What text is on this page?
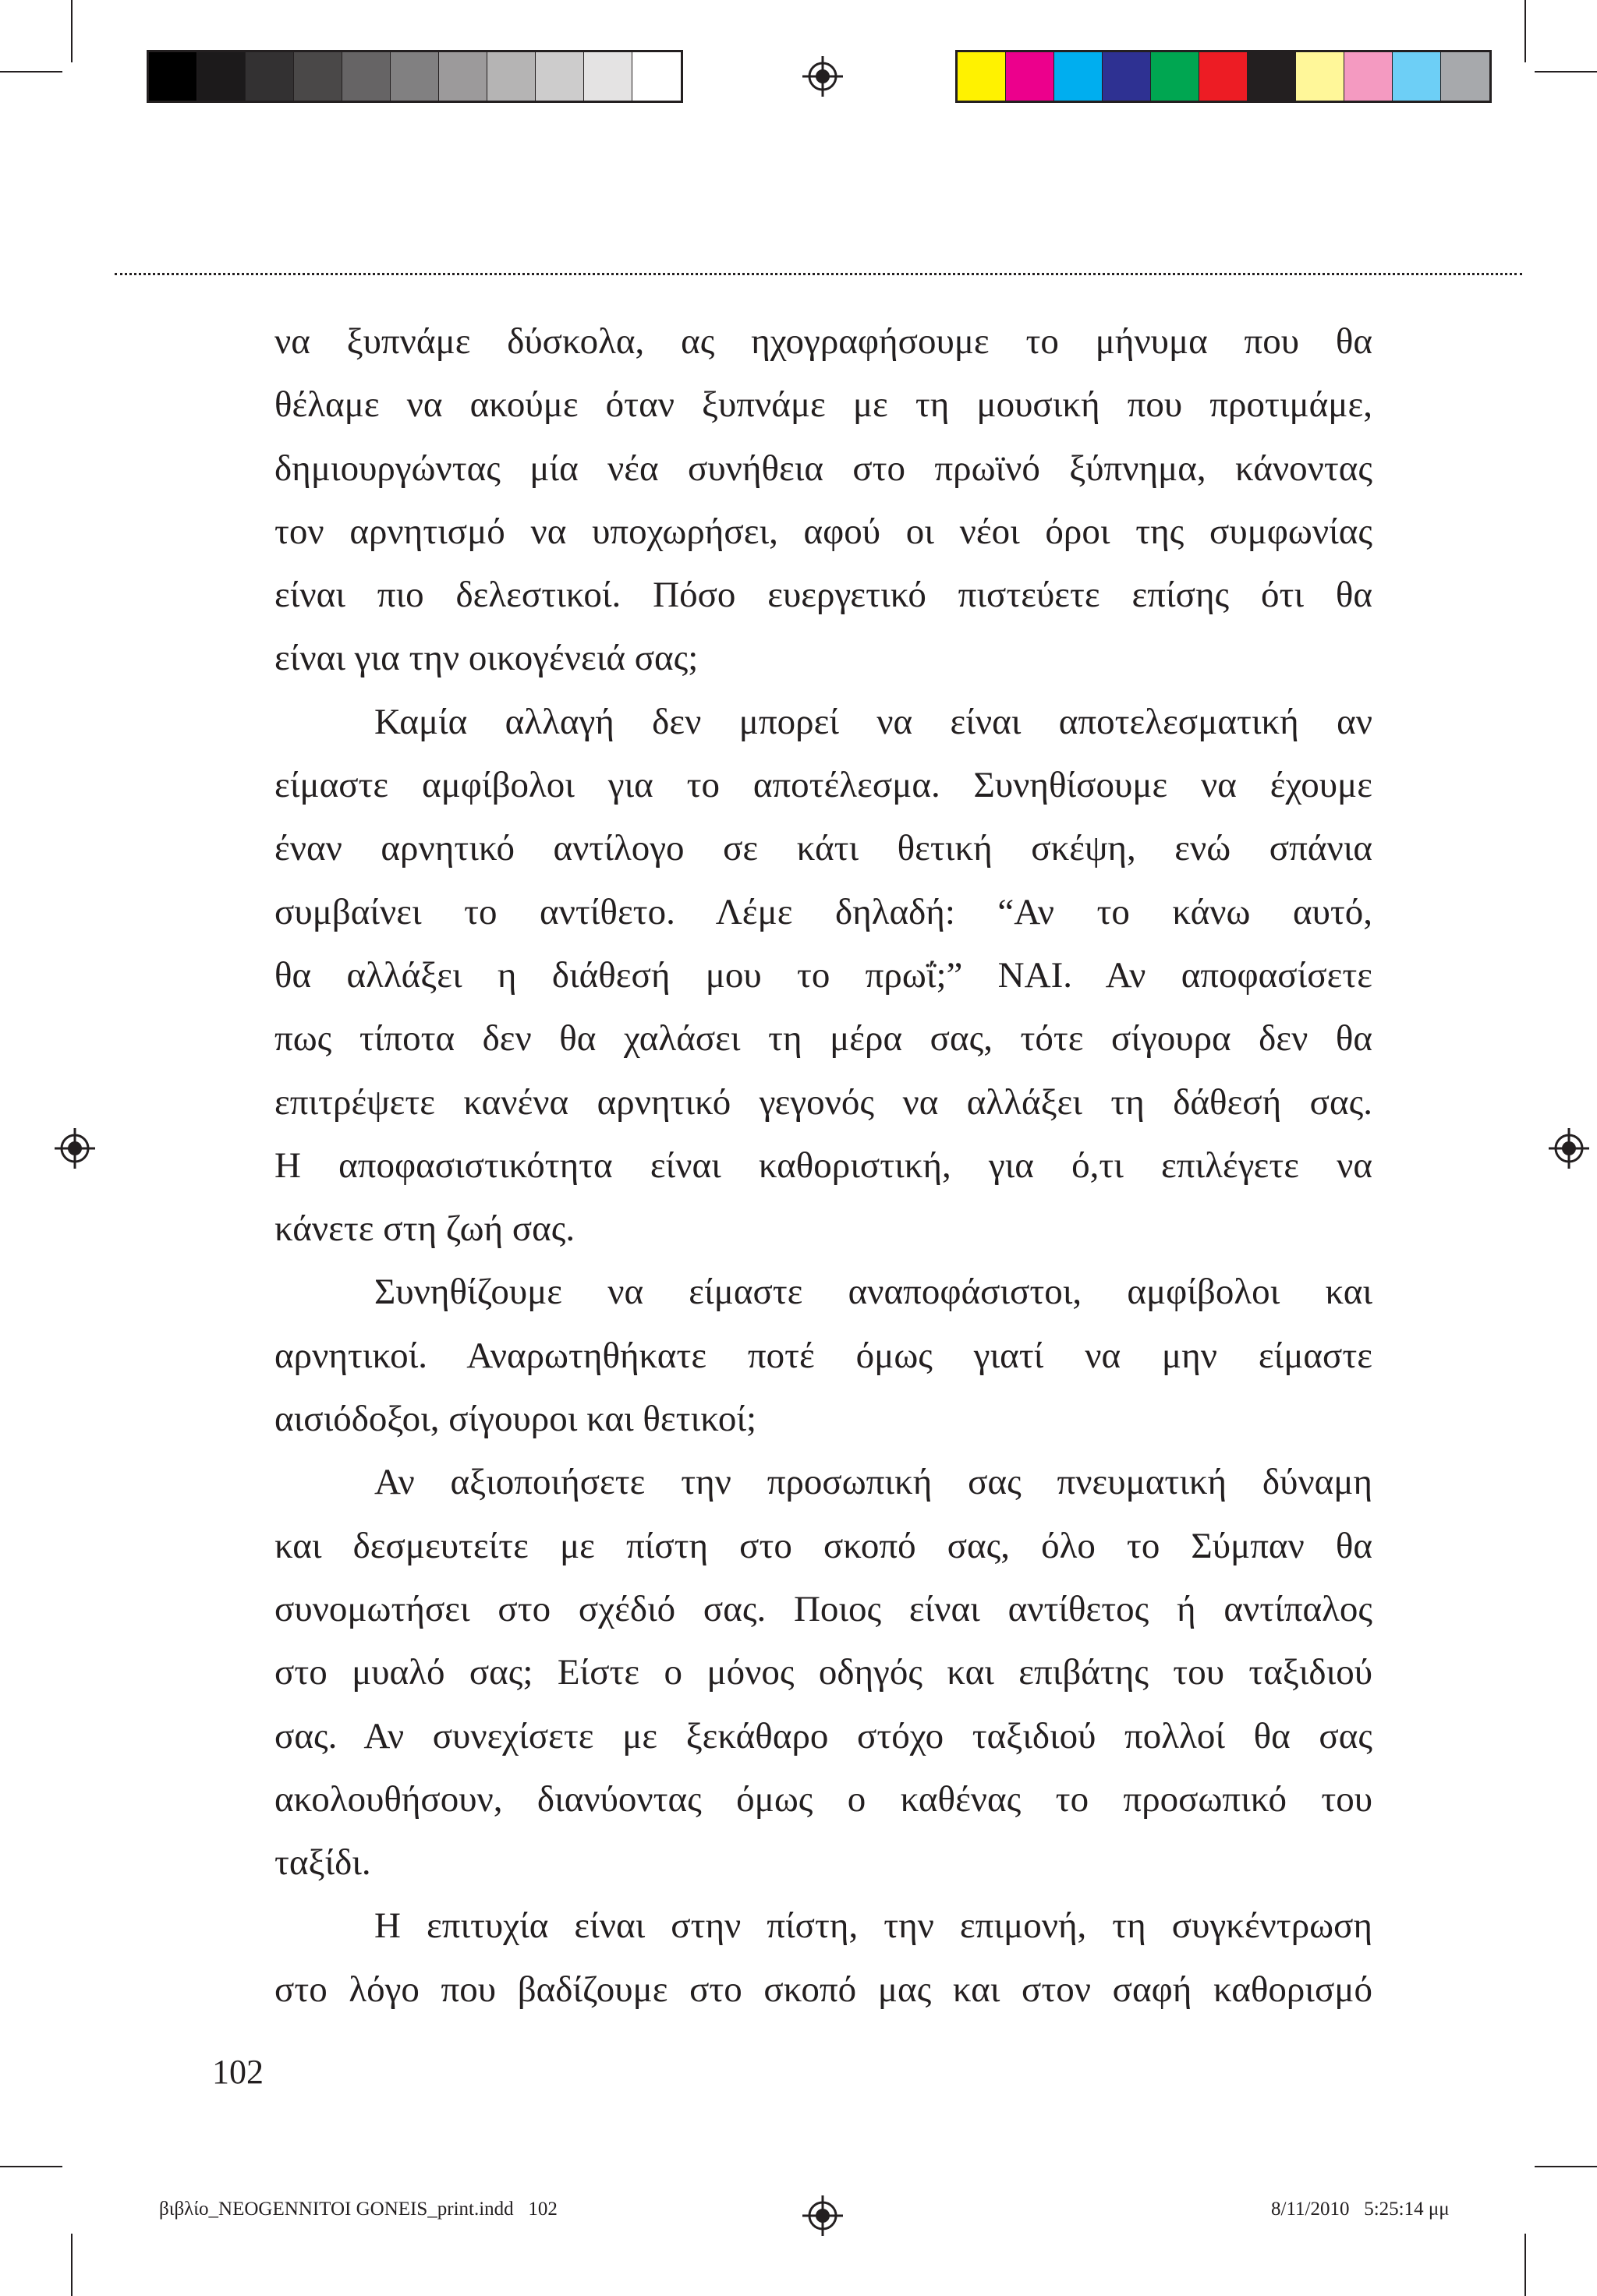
να ξυπνάμε δύσκολα, ας ηχογραφήσουμε το μήνυμα που θα

θέλαμε να ακούμε όταν ξυπνάμε με τη μουσική που προτιμάμε,

δημιουργώντας μία νέα συνήθεια στο πρωϊνό ξύπνημα, κάνοντας

τον αρνητισμό να υποχωρήσει, αφού οι νέοι όροι της συμφωνίας

είναι πιο δελεστικοί. Πόσο ευεργετικό πιστεύετε επίσης ότι θα

είναι για την οικογένειά σας;

Καμία αλλαγή δεν μπορεί να είναι αποτελεσματική αν

είμαστε αμφίβολοι για το αποτέλεσμα. Συνηθίσουμε να έχουμε

έναν αρνητικό αντίλογο σε κάτι θετική σκέψη, ενώ σπάνια

συμβαίνει το αντίθετο. Λέμε δηλαδή: “Αν το κάνω αυτό,

θα αλλάξει η διάθεσή μου το πρωΐ;” ΝΑΙ. Αν αποφασίσετε

πως τίποτα δεν θα χαλάσει τη μέρα σας, τότε σίγουρα δεν θα

επιτρέψετε κανένα αρνητικό γεγονός να αλλάξει τη δάθεσή σας.

Η αποφασιστικότητα είναι καθοριστική, για ό,τι επιλέγετε να

κάνετε στη ζωή σας.

Συνηθίζουμε να είμαστε αναποφάσιστοι, αμφίβολοι και

αρνητικοί. Αναρωτηθήκατε ποτέ όμως γιατί να μην είμαστε

αισιόδοξοι, σίγουροι και θετικοί;

Αν αξιοποιήσετε την προσωπική σας πνευματική δύναμη

και δεσμευτείτε με πίστη στο σκοπό σας, όλο το Σύμπαν θα

συνομωτήσει στο σχέδιό σας. Ποιος είναι αντίθετος ή αντίπαλος

στο μυαλό σας; Είστε ο μόνος οδηγός και επιβάτης του ταξιδιού

σας. Αν συνεχίσετε με ξεκάθαρο στόχο ταξιδιού πολλοί θα σας

ακολουθήσουν, διανύοντας όμως ο καθένας το προσωπικό του

ταξίδι.

Η επιτυχία είναι στην πίστη, την επιμονή, τη συγκέντρωση

στο λόγο που βαδίζουμε στο σκοπό μας και στον σαφή καθορισμό

102
βιβλίο_NEOGENNITOI GONEIS_print.indd   102	8/11/2010   5:25:14 μμ
